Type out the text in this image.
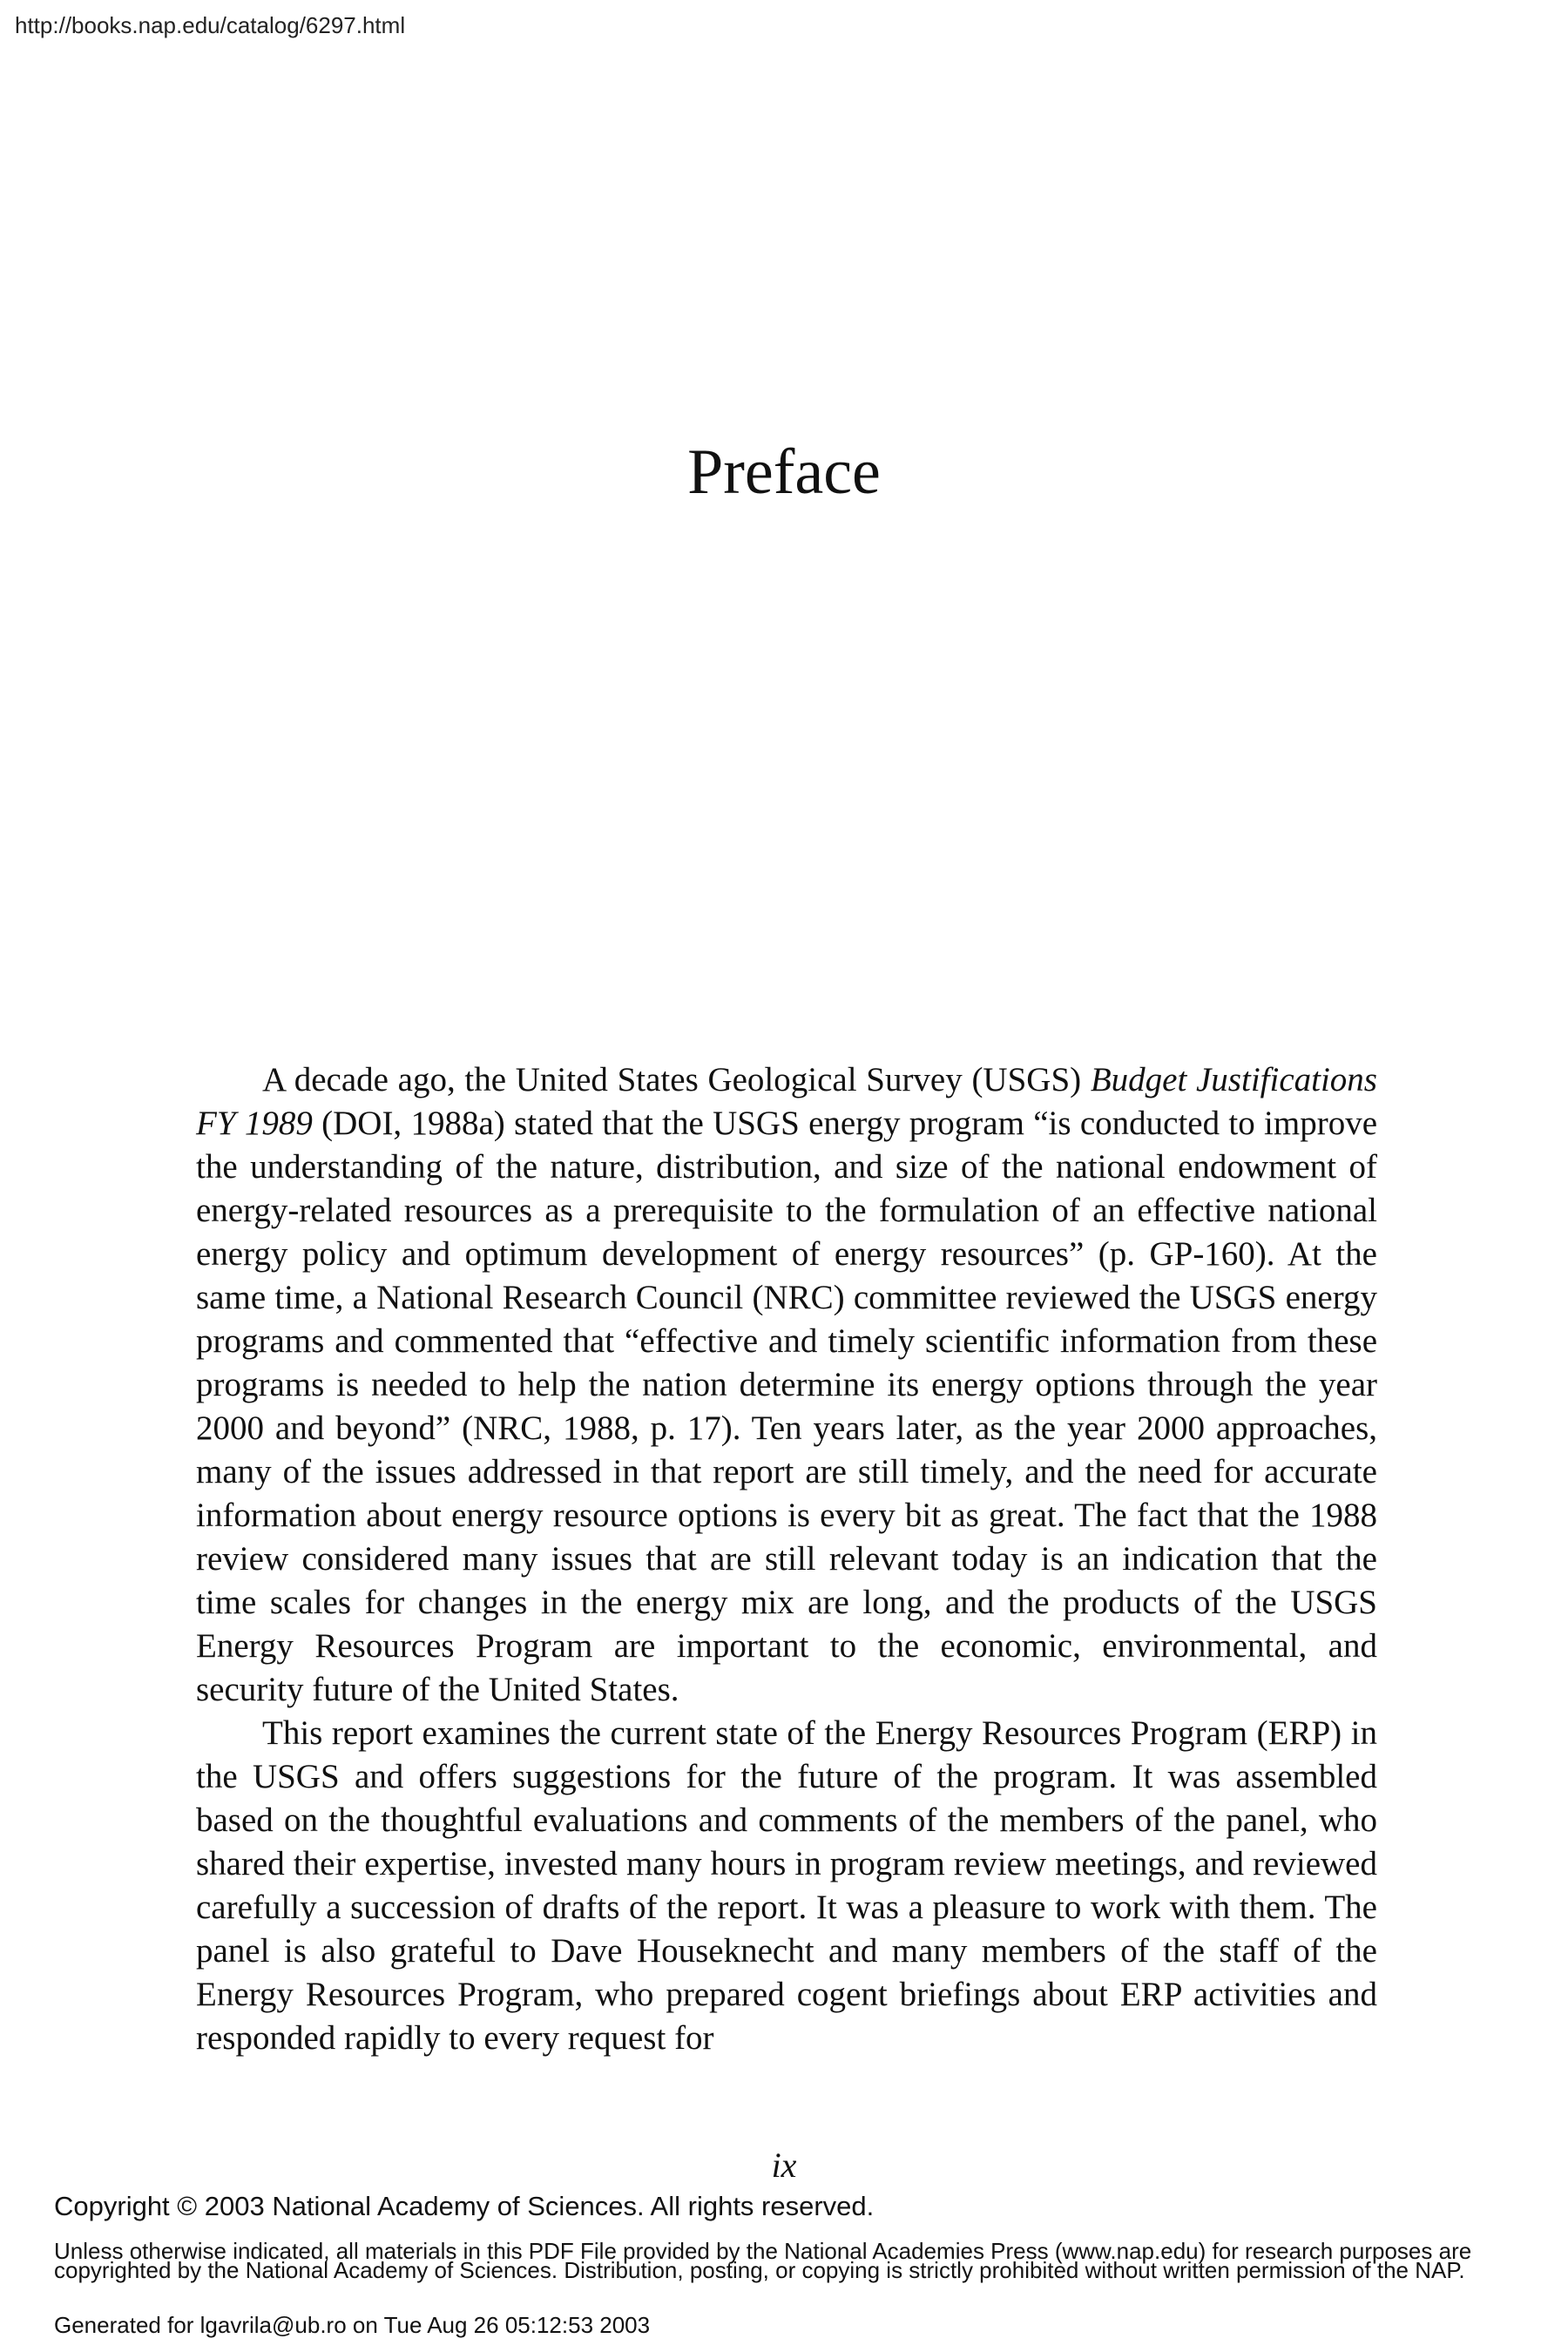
http://books.nap.edu/catalog/6297.html
Preface

A decade ago, the United States Geological Survey (USGS) Budget Justifications FY 1989 (DOI, 1988a) stated that the USGS energy program “is conducted to improve the understanding of the nature, distribution, and size of the national endowment of energy-related resources as a prerequisite to the formulation of an effective national energy policy and optimum development of energy resources” (p. GP-160). At the same time, a National Research Council (NRC) committee reviewed the USGS energy programs and commented that “effective and timely scientific information from these programs is needed to help the nation determine its energy options through the year 2000 and beyond” (NRC, 1988, p. 17). Ten years later, as the year 2000 approaches, many of the issues addressed in that report are still timely, and the need for accurate information about energy resource options is every bit as great. The fact that the 1988 review considered many issues that are still relevant today is an indication that the time scales for changes in the energy mix are long, and the products of the USGS Energy Resources Program are important to the economic, environmental, and security future of the United States.

This report examines the current state of the Energy Resources Program (ERP) in the USGS and offers suggestions for the future of the program. It was assembled based on the thoughtful evaluations and comments of the members of the panel, who shared their expertise, invested many hours in program review meetings, and reviewed carefully a succession of drafts of the report. It was a pleasure to work with them. The panel is also grateful to Dave Houseknecht and many members of the staff of the Energy Resources Program, who prepared cogent briefings about ERP activities and responded rapidly to every request for

ix
Copyright © 2003 National Academy of Sciences. All rights reserved.
Unless otherwise indicated, all materials in this PDF File provided by the National Academies Press (www.nap.edu) for research purposes are copyrighted by the National Academy of Sciences. Distribution, posting, or copying is strictly prohibited without written permission of the NAP.
Generated for lgavrila@ub.ro on Tue Aug 26 05:12:53 2003
